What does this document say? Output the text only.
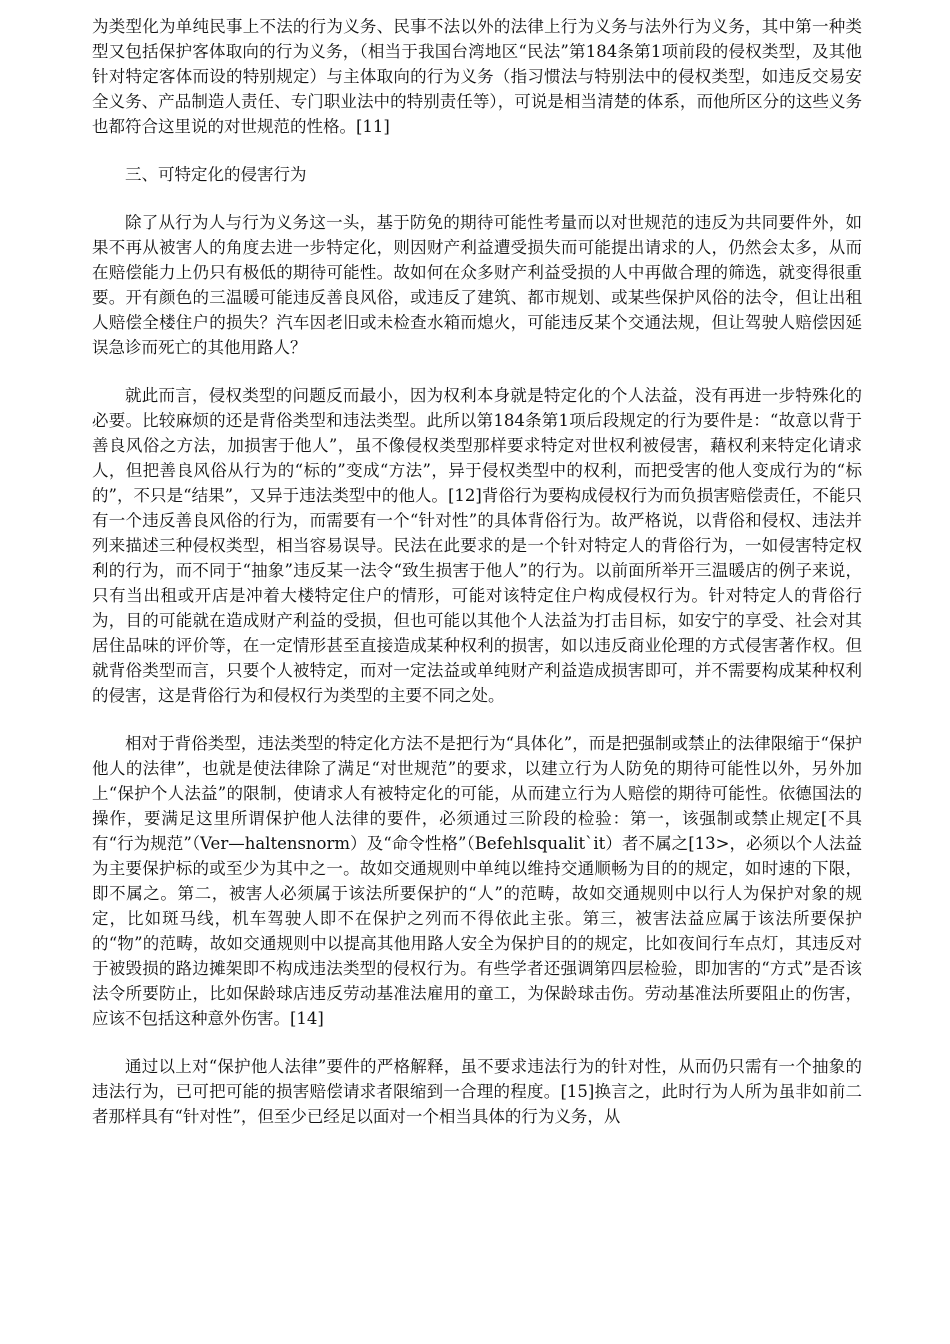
为类型化为单纯民事上不法的行为义务、民事不法以外的法律上行为义务与法外行为义务，其中第一种类型又包括保护客体取向的行为义务，（相当于我国台湾地区“民法”第184条第1项前段的侵权类型，及其他针对特定客体而设的特别规定）与主体取向的行为义务（指习惯法与特别法中的侵权类型，如违反交易安全义务、产品制造人责任、专门职业法中的特别责任等），可说是相当清楚的体系，而他所区分的这些义务也都符合这里说的对世规范的性格。[11]

三、可特定化的侵害行为

除了从行为人与行为义务这一头，基于防免的期待可能性考量而以对世规范的违反为共同要件外，如果不再从被害人的角度去进一步特定化，则因财产利益遭受损失而可能提出请求的人，仍然会太多，从而在赔偿能力上仍只有极低的期待可能性。故如何在众多财产利益受损的人中再做合理的筛选，就变得很重要。开有颜色的三温暖可能违反善良风俗，或违反了建筑、都市规划、或某些保护风俗的法令，但让出租人赔偿全楼住户的损失？汽车因老旧或未检查水箱而熄火，可能违反某个交通法规，但让驾驶人赔偿因延误急诊而死亡的其他用路人？

就此而言，侵权类型的问题反而最小，因为权利本身就是特定化的个人法益，没有再进一步特殊化的必要。比较麻烦的还是背俗类型和违法类型。此所以第184条第1项后段规定的行为要件是：“故意以背于善良风俗之方法，加损害于他人”，虽不像侵权类型那样要求特定对世权利被侵害，藉权利来特定化请求人，但把善良风俗从行为的“标的”变成“方法”，异于侵权类型中的权利，而把受害的他人变成行为的“标的”，不只是“结果”，又异于违法类型中的他人。[12]背俗行为要构成侵权行为而负损害赔偿责任，不能只有一个违反善良风俗的行为，而需要有一个“针对性”的具体背俗行为。故严格说，以背俗和侵权、违法并列来描述三种侵权类型，相当容易误导。民法在此要求的是一个针对特定人的背俗行为，一如侵害特定权利的行为，而不同于“抽象”违反某一法令“致生损害于他人”的行为。以前面所举开三温暖店的例子来说，只有当出租或开店是冲着大楼特定住户的情形，可能对该特定住户构成侵权行为。针对特定人的背俗行为，目的可能就在造成财产利益的受损，但也可能以其他个人法益为打击目标，如安宁的享受、社会对其居住品味的评价等，在一定情形甚至直接造成某种权利的损害，如以违反商业伦理的方式侵害著作权。但就背俗类型而言，只要个人被特定，而对一定法益或单纯财产利益造成损害即可，并不需要构成某种权利的侵害，这是背俗行为和侵权行为类型的主要不同之处。

相对于背俗类型，违法类型的特定化方法不是把行为“具体化”，而是把强制或禁止的法律限缩于“保护他人的法律”，也就是使法律除了满足“对世规范”的要求，以建立行为人防免的期待可能性以外，另外加上“保护个人法益”的限制，使请求人有被特定化的可能，从而建立行为人赔偿的期待可能性。依德国法的操作，要满足这里所谓保护他人法律的要件，必须通过三阶段的检验：第一，该强制或禁止规定[不具有“行为规范”（Ver—haltensnorm）及“命令性格”（Befehlsqualit`it）者不属之[13>，必须以个人法益为主要保护标的或至少为其中之一。故如交通规则中单纯以维持交通顺畅为目的的规定，如时速的下限，即不属之。第二，被害人必须属于该法所要保护的“人”的范畴，故如交通规则中以行人为保护对象的规定，比如斑马线，机车驾驶人即不在保护之列而不得依此主张。第三，被害法益应属于该法所要保护的“物”的范畴，故如交通规则中以提高其他用路人安全为保护目的的规定，比如夜间行车点灯，其违反对于被毁损的路边摊架即不构成违法类型的侵权行为。有些学者还强调第四层检验，即加害的“方式”是否该法令所要防止，比如保龄球店违反劳动基准法雇用的童工，为保龄球击伤。劳动基准法所要阻止的伤害，应该不包括这种意外伤害。[14]

通过以上对“保护他人法律”要件的严格解释，虽不要求违法行为的针对性，从而仍只需有一个抽象的违法行为，已可把可能的损害赔偿请求者限缩到一合理的程度。[15]换言之，此时行为人所为虽非如前二者那样具有“针对性”，但至少已经足以面对一个相当具体的行为义务，从
